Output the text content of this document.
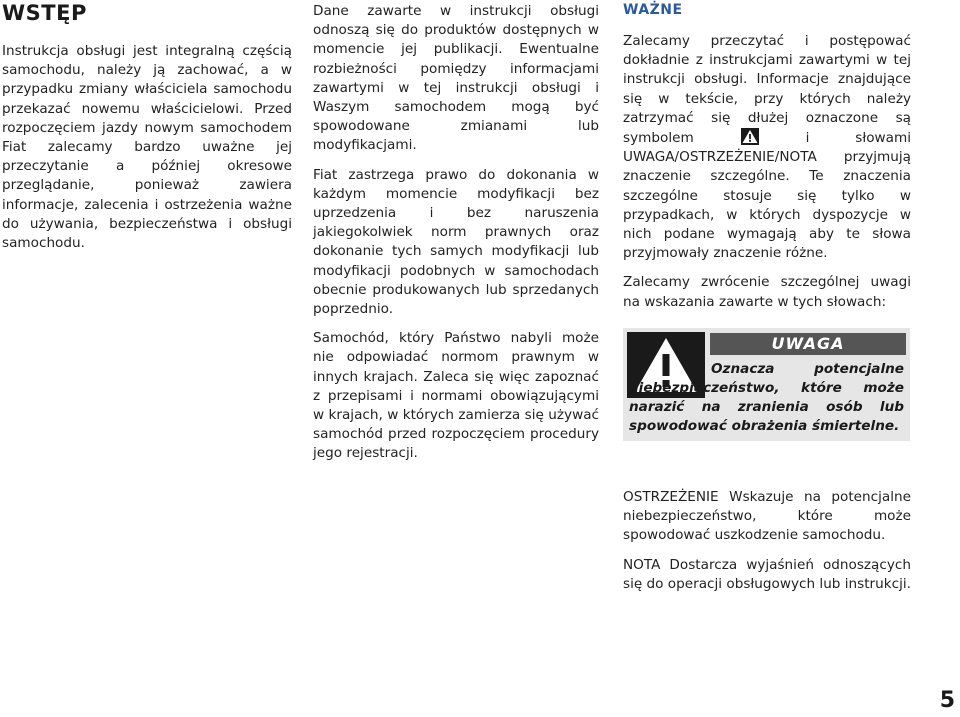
WSTĘP

Instrukcja obsługi jest integralną częścią samochodu, należy ją zachować, a w przypadku zmiany właściciela samochodu przekazać nowemu właścicielowi. Przed rozpoczęciem jazdy nowym samochodem Fiat zalecamy bardzo uważne jej przeczytanie a później okresowe przeglądanie, ponieważ zawiera informacje, zalecenia i ostrzeżenia ważne do używania, bezpieczeństwa i obsługi samochodu.

Dane zawarte w instrukcji obsługi odnoszą się do produktów dostępnych w momencie jej publikacji. Ewentualne rozbieżności pomiędzy informacjami zawartymi w tej instrukcji obsługi i Waszym samochodem mogą być spowodowane zmianami lub modyfikacjami.

Fiat zastrzega prawo do dokonania w każdym momencie modyfikacji bez uprzedzenia i bez naruszenia jakiegokolwiek norm prawnych oraz dokonanie tych samych modyfikacji lub modyfikacji podobnych w samochodach obecnie produkowanych lub sprzedanych poprzednio.

Samochód, który Państwo nabyli może nie odpowiadać normom prawnym w innych krajach. Zaleca się więc zapoznać z przepisami i normami obowiązującymi w krajach, w których zamierza się używać samochód przed rozpoczęciem procedury jego rejestracji.

WAŻNE

Zalecamy przeczytać i postępować dokładnie z instrukcjami zawartymi w tej instrukcji obsługi. Informacje znajdujące się w tekście, przy których należy zatrzymać się dłużej oznaczone są symbolem	i słowami UWAGA/OSTRZEŻENIE/NOTA przyjmują znaczenie szczególne. Te znaczenia szczególne stosuje się tylko w przypadkach, w których dyspozycje w nich podane wymagają aby te słowa przyjmowały znaczenie różne.

Zalecamy zwrócenie szczególnej uwagi na wskazania zawarte w tych słowach:

UWAGA
Oznacza potencjalne niebezpieczeństwo, które może narazić na zranienia osób lub spowodować obrażenia śmiertelne.

OSTRZEŻENIE Wskazuje na potencjalne niebezpieczeństwo, które może spowodować uszkodzenie samochodu.

NOTA Dostarcza wyjaśnień odnoszących się do operacji obsługowych lub instrukcji.

5
